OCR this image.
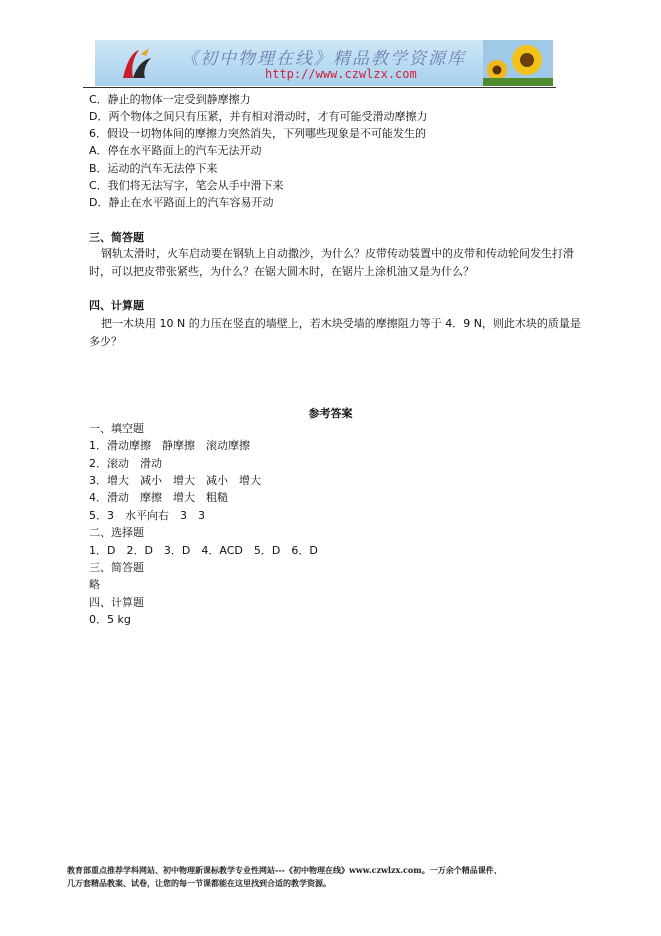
《初中物理在线》精品教学资源库
http://www.czwlzx.com
C．静止的物体一定受到静摩擦力
D．两个物体之间只有压紧，并有相对滑动时，才有可能受滑动摩擦力
6．假设一切物体间的摩擦力突然消失，下列哪些现象是不可能发生的
A．停在水平路面上的汽车无法开动
B．运动的汽车无法停下来
C．我们将无法写字，笔会从手中滑下来
D．静止在水平路面上的汽车容易开动
三、简答题
钢轨太滑时，火车启动要在钢轨上自动撒沙，为什么？皮带传动装置中的皮带和传动轮间发生打滑时，可以把皮带张紧些，为什么？在锯大圆木时，在锯片上涂机油又是为什么？
四、计算题
把一木块用 10 N 的力压在竖直的墙壁上，若木块受墙的摩擦阻力等于 4．9 N，则此木块的质量是多少？
参考答案
一、填空题
1．滑动摩擦　静摩擦　滚动摩擦
2．滚动　滑动
3．增大　减小　增大　减小　增大
4．滑动　摩擦　增大　粗糙
5．3　水平向右　3　3
二、选择题
1．D　2．D　3．D　4．ACD　5．D　6．D
三、简答题
略
四、计算题
0．5 kg
教育部重点推荐学科网站、初中物理新课标教学专业性网站---《初中物理在线》www.czwlzx.com。一万余个精品课件、
几万套精品教案、试卷，让您的每一节课都能在这里找到合适的教学资源。
